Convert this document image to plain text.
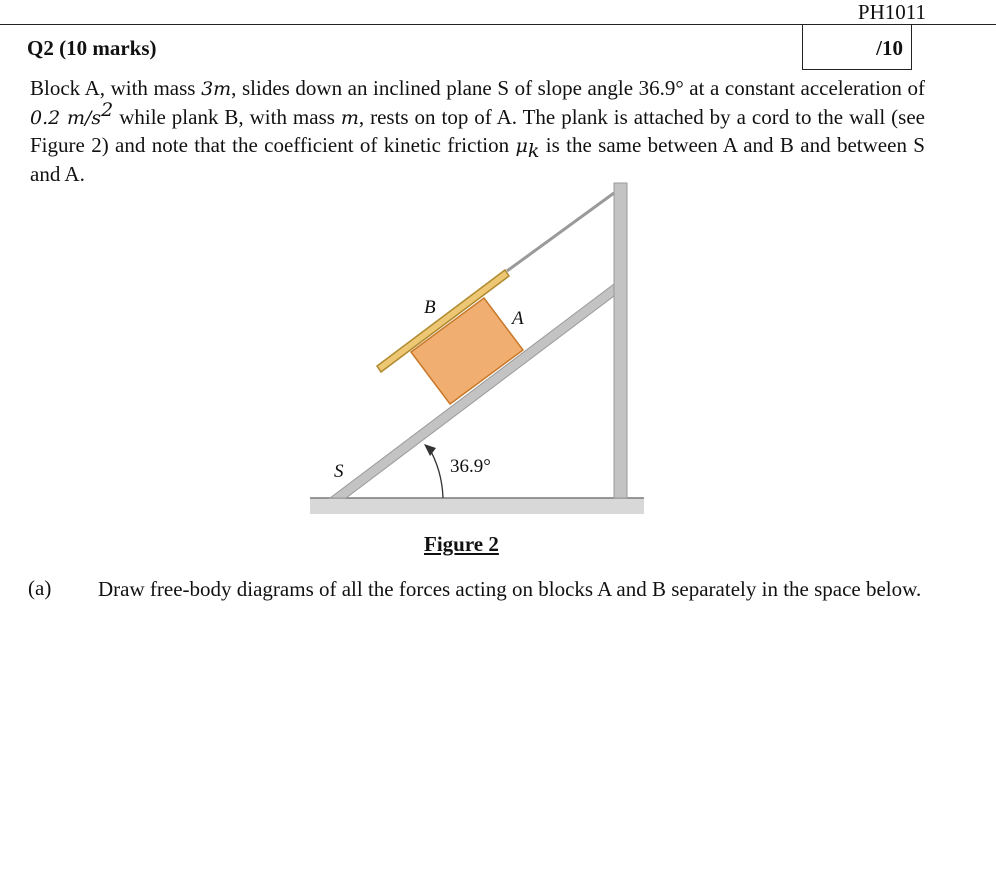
PH1011
/10
Q2 (10 marks)
Block A, with mass 3m, slides down an inclined plane S of slope angle 36.9° at a constant acceleration of 0.2 $m/s^2$ while plank B, with mass m, rests on top of A. The plank is attached by a cord to the wall (see Figure 2) and note that the coefficient of kinetic friction $\mu_k$ is the same between A and B and between S and A.
B
A
S	36.9°
Figure 2
(a) Draw free-body diagrams of all the forces acting on blocks A and B separately in the space below.
